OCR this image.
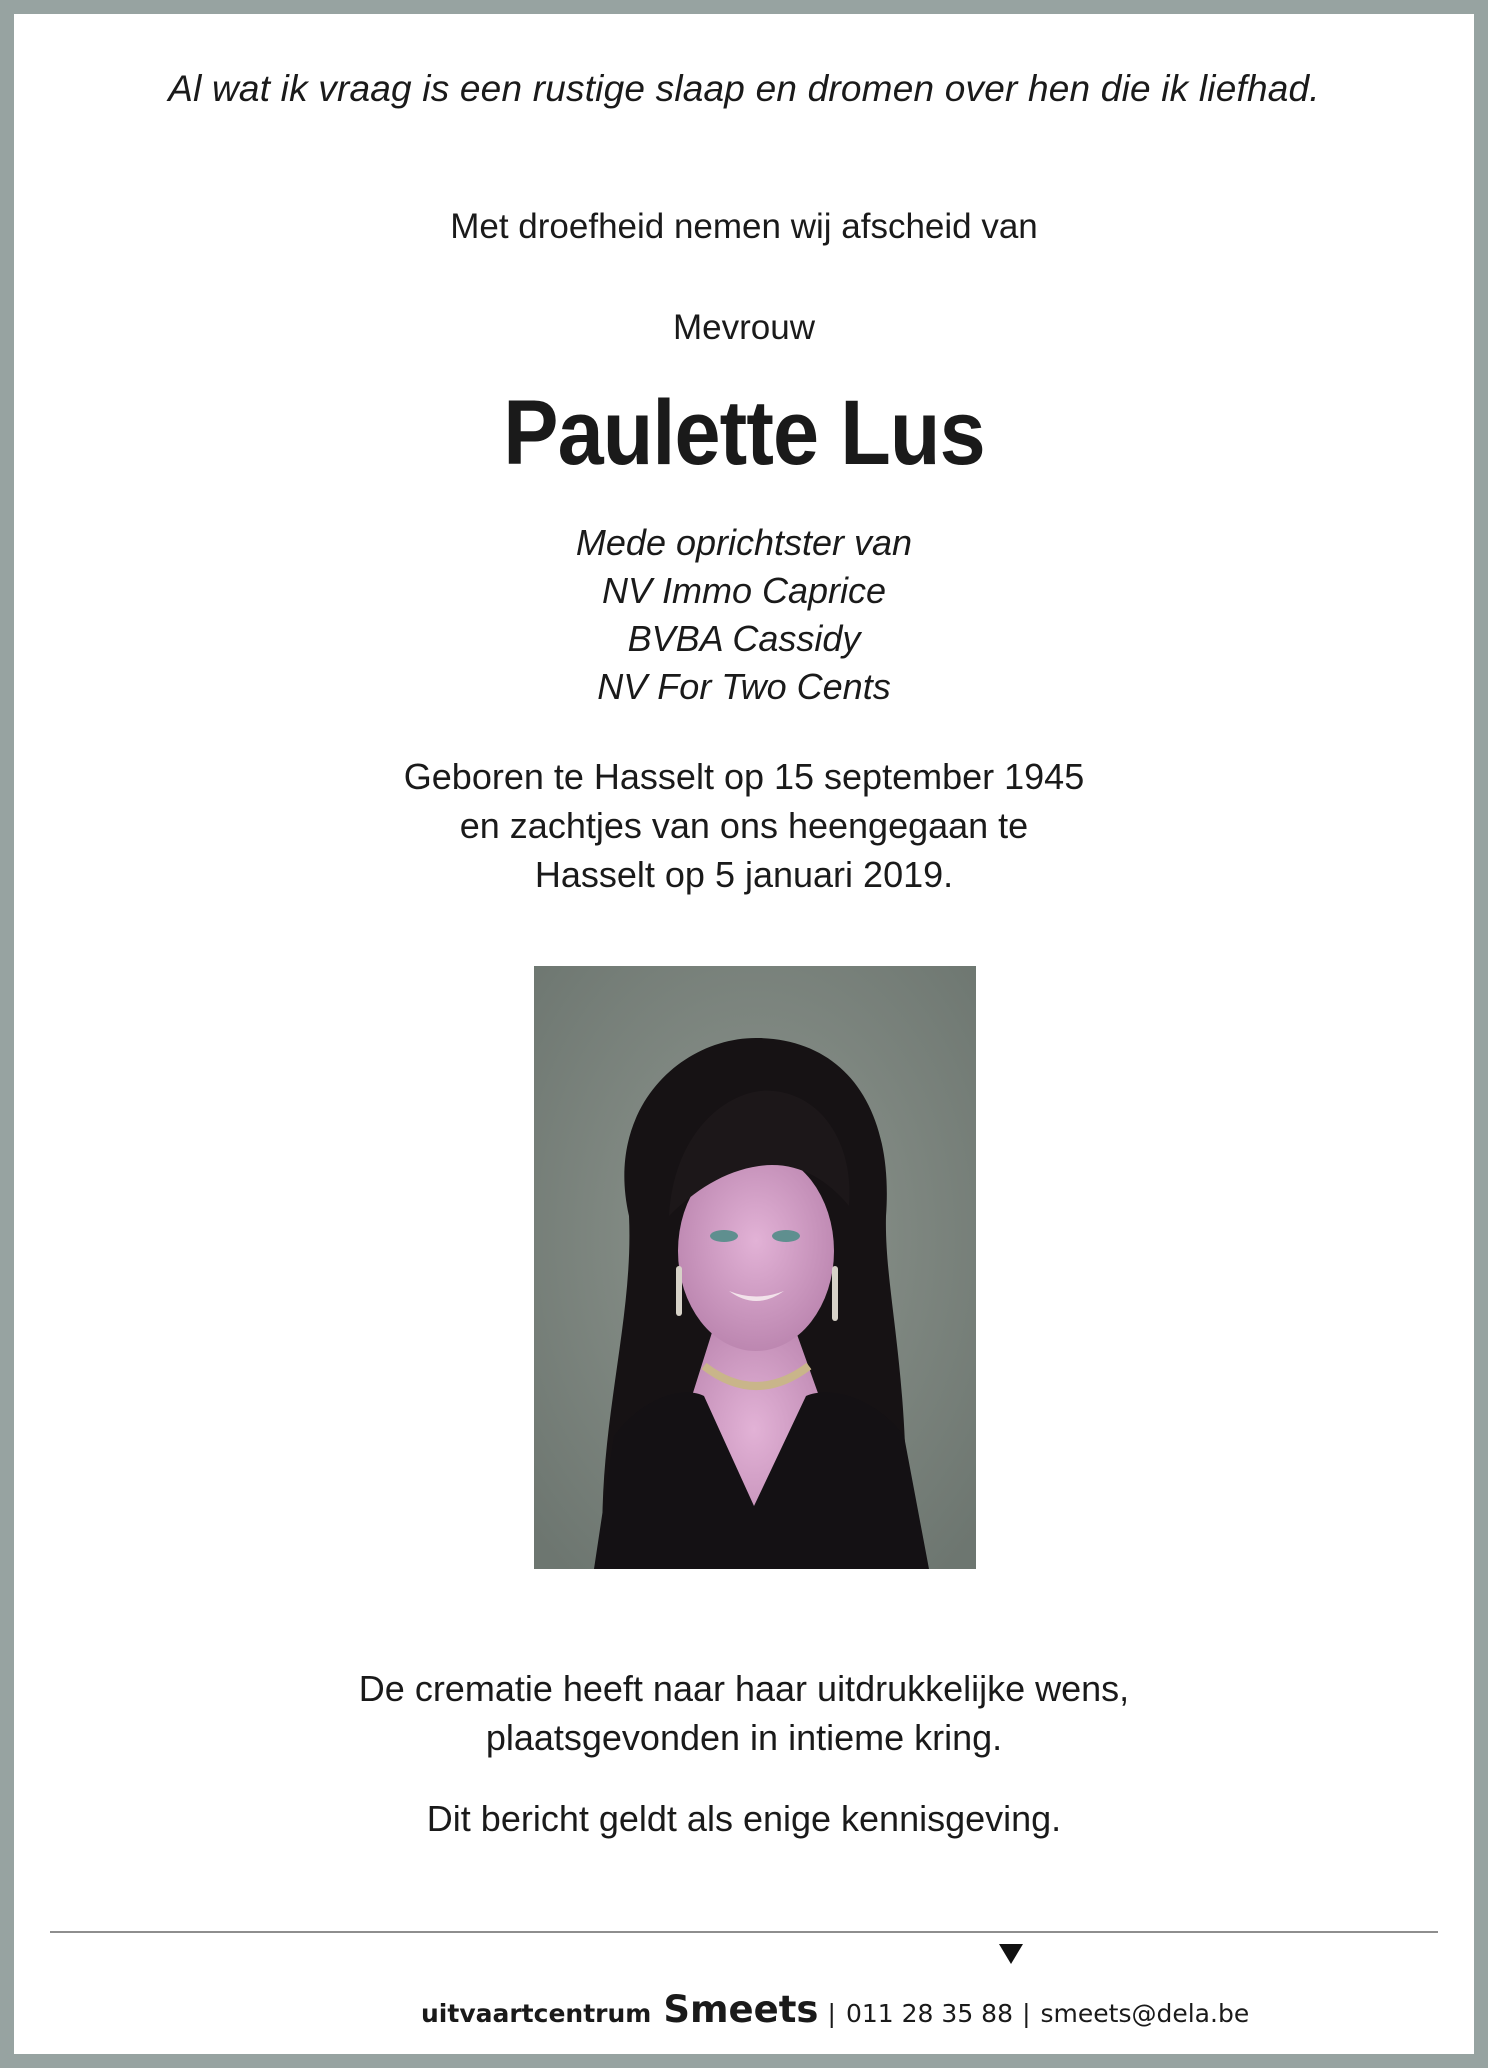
Al wat ik vraag is een rustige slaap en dromen over hen die ik liefhad.
Met droefheid nemen wij afscheid van
Mevrouw
Paulette Lus
Mede oprichtster van
NV Immo Caprice
BVBA Cassidy
NV For Two Cents
Geboren te Hasselt op 15 september 1945
en zachtjes van ons heengegaan te
Hasselt op 5 januari 2019.
De crematie heeft naar haar uitdrukkelijke wens,
plaatsgevonden in intieme kring.
Dit bericht geldt als enige kennisgeving.
uitvaartcentrum Smeets | 011 28 35 88 | smeets@dela.be
